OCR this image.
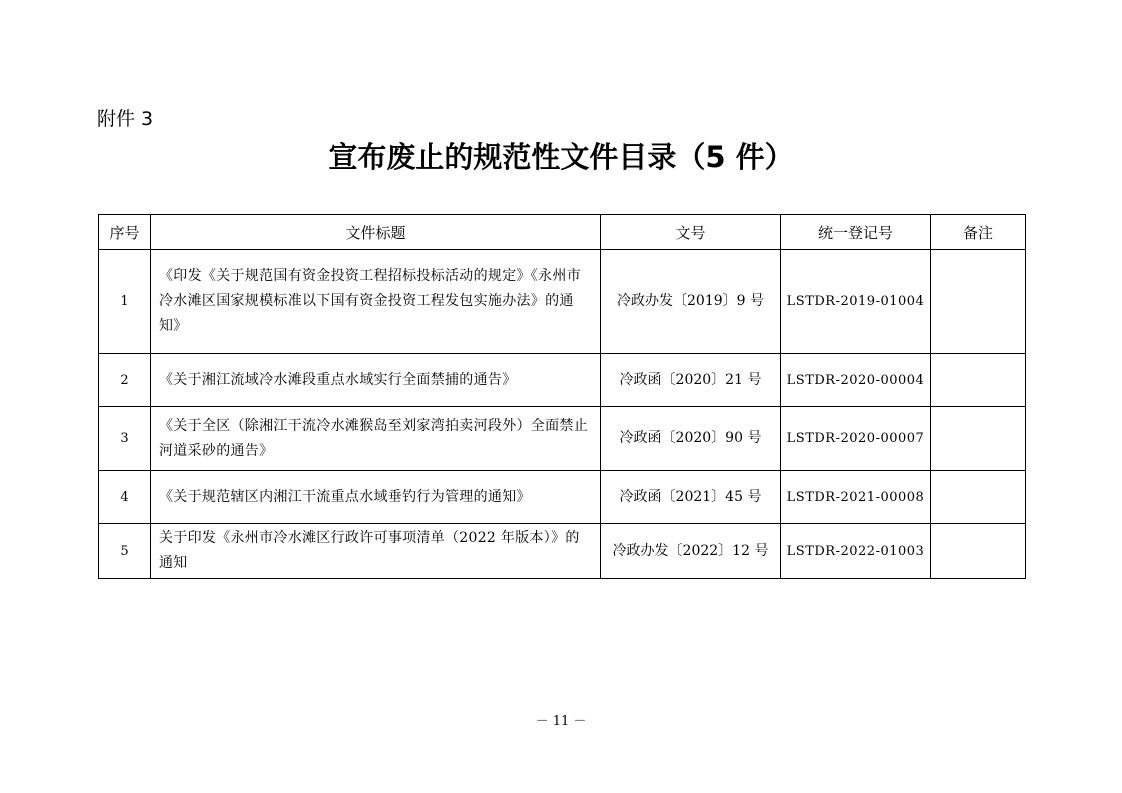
附件 3
宣布废止的规范性文件目录（5 件）
序号	文件标题	文号	统一登记号	备注
1	《印发《关于规范国有资金投资工程招标投标活动的规定》《永州市冷水滩区国家规模标准以下国有资金投资工程发包实施办法》的通知》	冷政办发〔2019〕9 号	LSTDR-2019-01004	
2	《关于湘江流域冷水滩段重点水域实行全面禁捕的通告》	冷政函〔2020〕21 号	LSTDR-2020-00004	
3	《关于全区（除湘江干流冷水滩猴岛至刘家湾拍卖河段外）全面禁止河道采砂的通告》	冷政函〔2020〕90 号	LSTDR-2020-00007	
4	《关于规范辖区内湘江干流重点水域垂钓行为管理的通知》	冷政函〔2021〕45 号	LSTDR-2021-00008	
5	关于印发《永州市冷水滩区行政许可事项清单（2022 年版本）》的通知	冷政办发〔2022〕12 号	LSTDR-2022-01003	
－ 11 －
